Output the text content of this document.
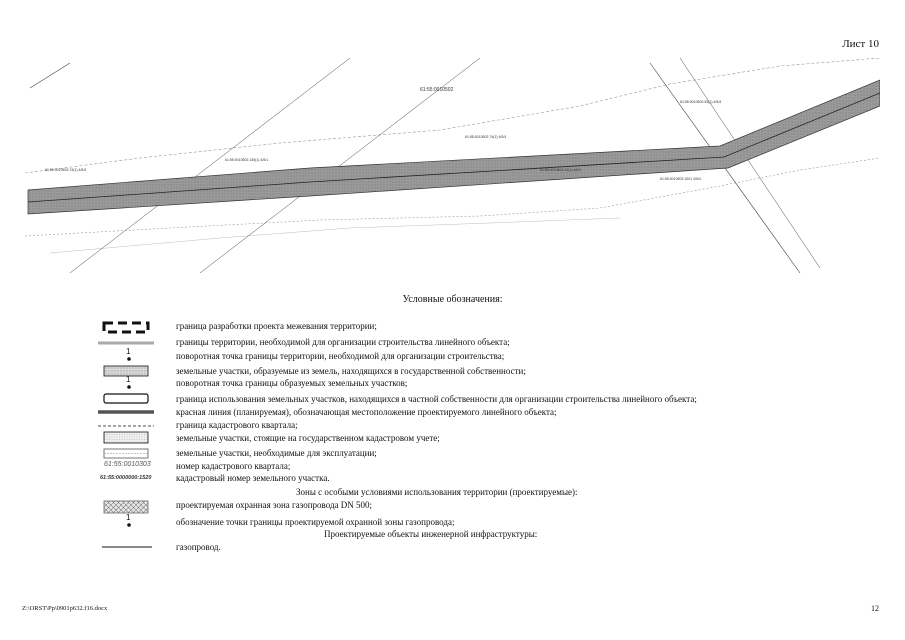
Лист 10
61:55:0010502
61:55:0010502:74(1) 4/5/4
61:55:0010502:135(1) 4/5/1
61:55:0010502:74(1) 4/5/4
61:55:0010502:24(1) 4/5/1
61:55:0010502:1001 4/5/4
61:55:0010502:93(1) 4/5/4
Условные обозначения:
граница разработки проекта межевания территории;
границы территории, необходимой для организации строительства линейного объекта;
1	поворотная точка границы территории, необходимой для организации строительства;
земельные участки, образуемые из земель, находящихся в государственной собственности;
1	поворотная точка границы образуемых земельных участков;
граница использования земельных участков, находящихся в частной собственности для организации строительства линейного объекта;
красная линия (планируемая), обозначающая местоположение проектируемого линейного объекта;
граница кадастрового квартала;
земельные участки, стоящие на государственном кадастровом учете;
земельные участки, необходимые для эксплуатации;
61:55:0010303	номер кадастрового квартала;
61:55:0000000:1520	кадастровый номер земельного участка.
Зоны с особыми условиями использования территории (проектируемые):
проектируемая охранная зона газопровода DN 500;
1	обозначение точки границы проектируемой охранной зоны газопровода;
Проектируемые объекты инженерной инфраструктуры:
газопровод.
Z:\ORST\Pp\0901p632.f16.docx	12
